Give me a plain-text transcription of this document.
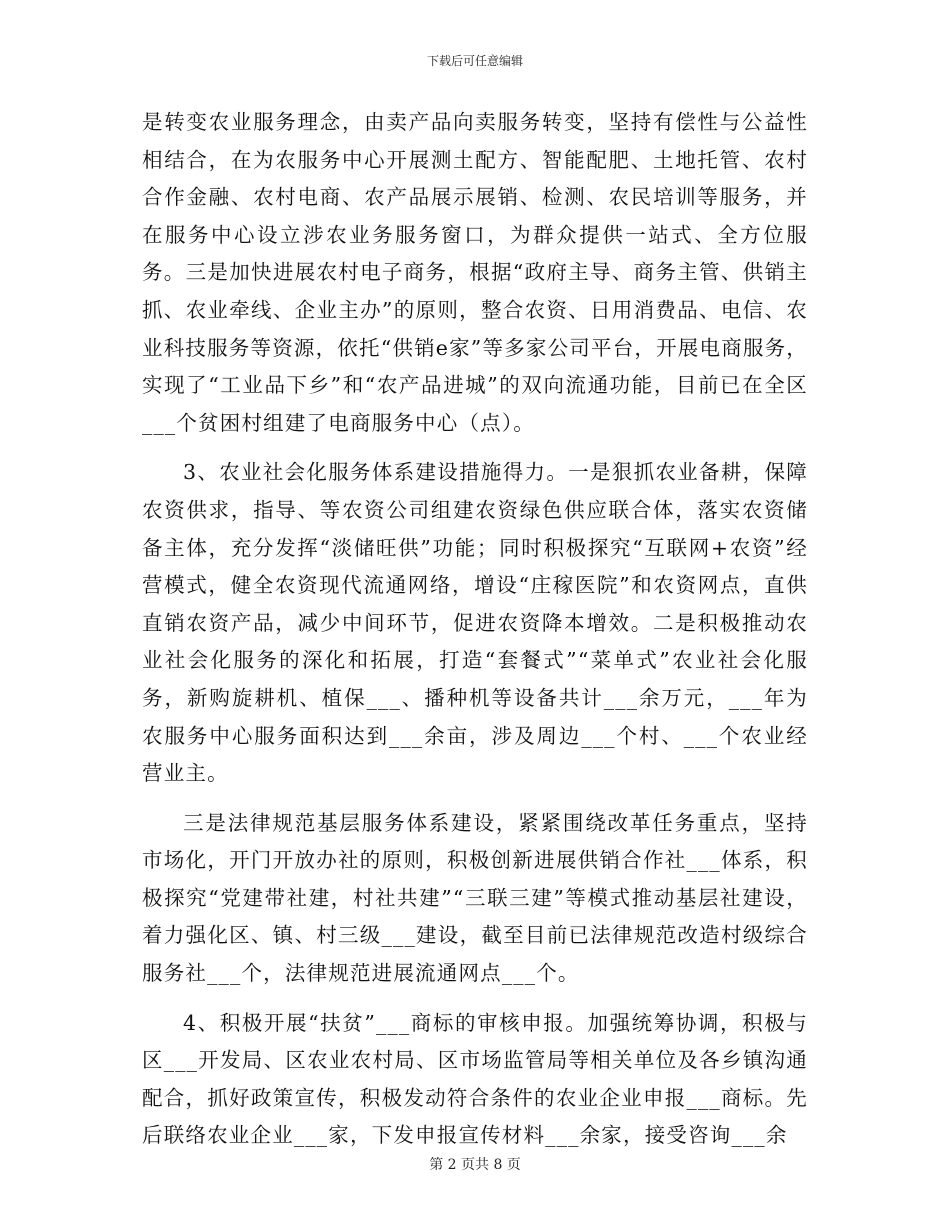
下载后可任意编辑

是转变农业服务理念，由卖产品向卖服务转变，坚持有偿性与公益性相结合，在为农服务中心开展测土配方、智能配肥、土地托管、农村合作金融、农村电商、农产品展示展销、检测、农民培训等服务，并在服务中心设立涉农业务服务窗口，为群众提供一站式、全方位服务。三是加快进展农村电子商务，根据“政府主导、商务主管、供销主抓、农业牵线、企业主办”的原则，整合农资、日用消费品、电信、农业科技服务等资源，依托“供销e家”等多家公司平台，开展电商服务，实现了“工业品下乡”和“农产品进城”的双向流通功能，目前已在全区___个贫困村组建了电商服务中心（点）。

3、农业社会化服务体系建设措施得力。一是狠抓农业备耕，保障农资供求，指导、等农资公司组建农资绿色供应联合体，落实农资储备主体，充分发挥“淡储旺供”功能；同时积极探究“互联网+农资”经营模式，健全农资现代流通网络，增设“庄稼医院”和农资网点，直供直销农资产品，减少中间环节，促进农资降本增效。二是积极推动农业社会化服务的深化和拓展，打造“套餐式”“菜单式”农业社会化服务，新购旋耕机、植保___、播种机等设备共计___余万元，___年为农服务中心服务面积达到___余亩，涉及周边___个村、___个农业经营业主。

三是法律规范基层服务体系建设，紧紧围绕改革任务重点，坚持市场化，开门开放办社的原则，积极创新进展供销合作社___体系，积极探究“党建带社建，村社共建”“三联三建”等模式推动基层社建设，着力强化区、镇、村三级___建设，截至目前已法律规范改造村级综合服务社___个，法律规范进展流通网点___个。

4、积极开展“扶贫”___商标的审核申报。加强统筹协调，积极与区___开发局、区农业农村局、区市场监管局等相关单位及各乡镇沟通配合，抓好政策宣传，积极发动符合条件的农业企业申报___商标。先后联络农业企业___家，下发申报宣传材料___余家，接受咨询___余

第 2 页共 8 页
